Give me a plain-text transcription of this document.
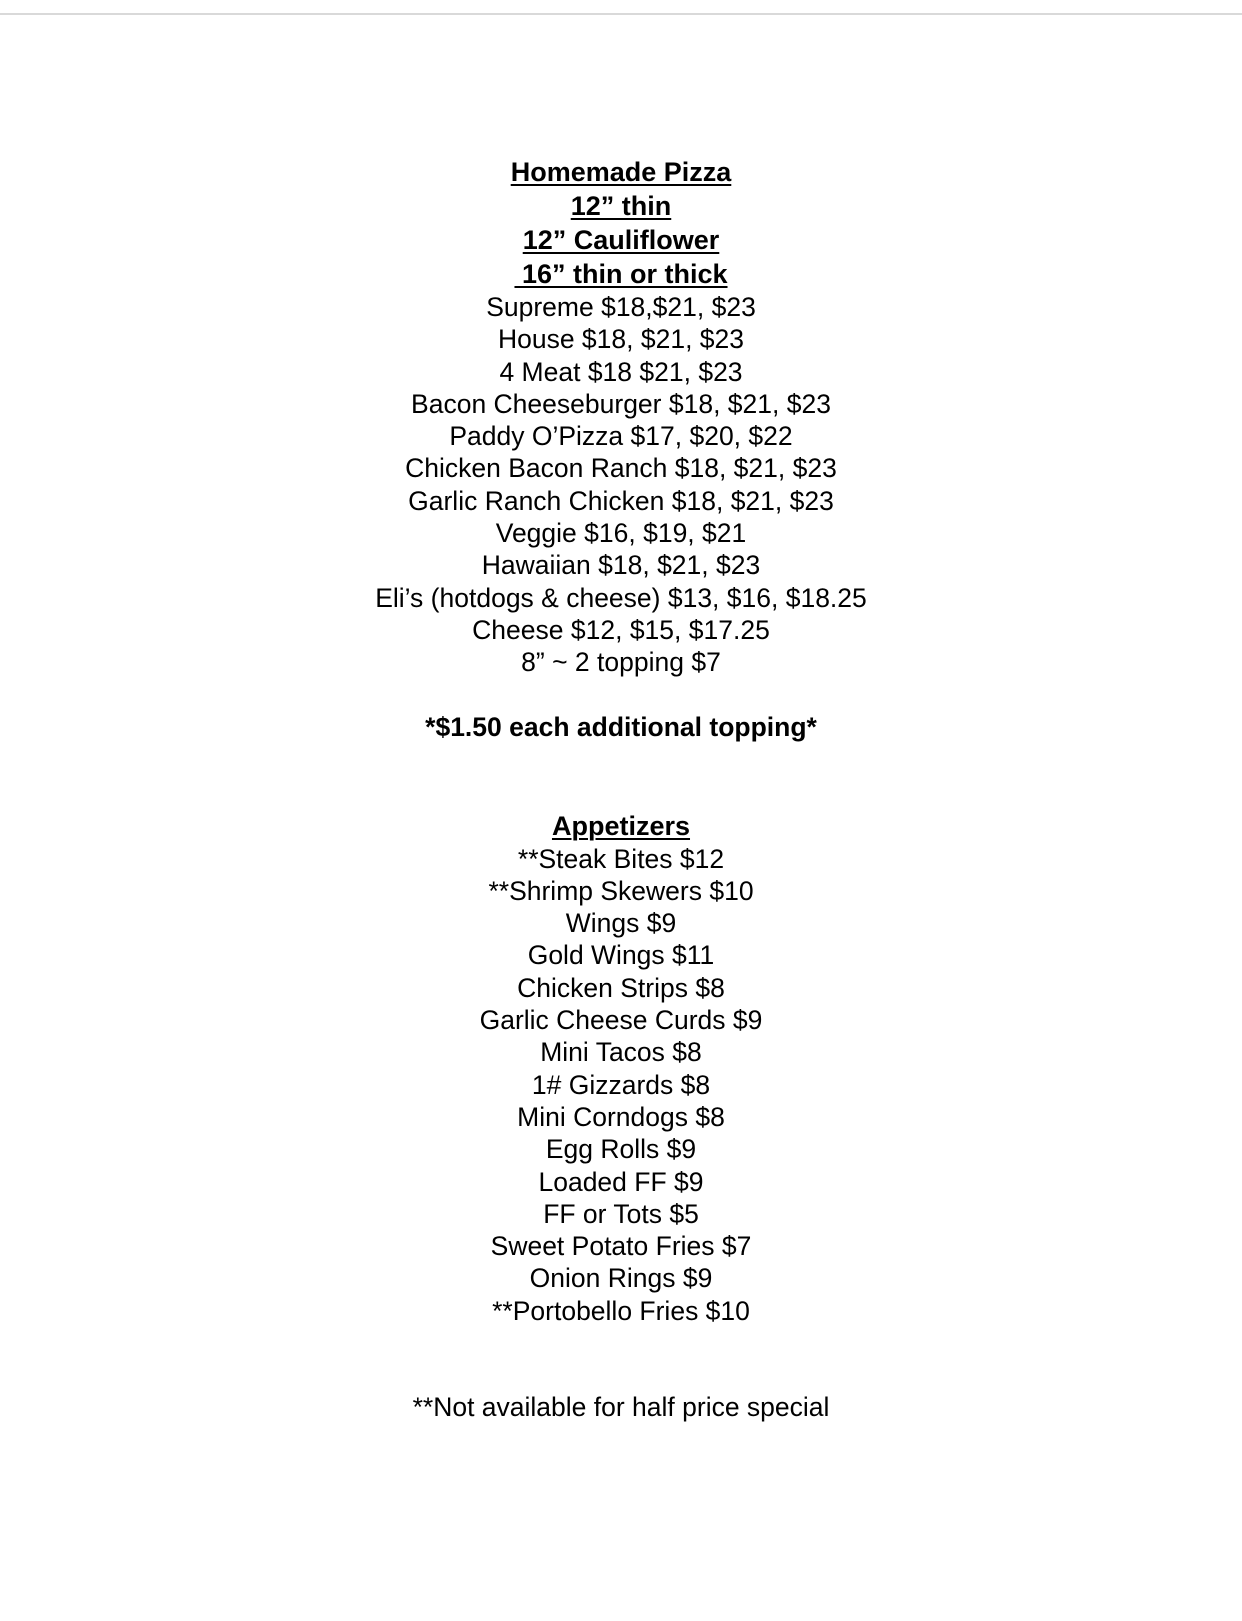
Homemade Pizza
12” thin
12” Cauliflower
16” thin or thick
Supreme $18,$21, $23
House $18, $21, $23
4 Meat $18 $21, $23
Bacon Cheeseburger $18, $21, $23
Paddy O’Pizza $17, $20, $22
Chicken Bacon Ranch $18, $21, $23
Garlic Ranch Chicken $18, $21, $23
Veggie $16, $19, $21
Hawaiian $18, $21, $23
Eli’s (hotdogs & cheese) $13, $16, $18.25
Cheese $12, $15, $17.25
8” ~ 2 topping $7
*$1.50 each additional topping*
Appetizers
**Steak Bites $12
**Shrimp Skewers $10
Wings $9
Gold Wings $11
Chicken Strips $8
Garlic Cheese Curds $9
Mini Tacos $8
1# Gizzards $8
Mini Corndogs $8
Egg Rolls $9
Loaded FF $9
FF or Tots $5
Sweet Potato Fries $7
Onion Rings $9
**Portobello Fries $10
**Not available for half price special
